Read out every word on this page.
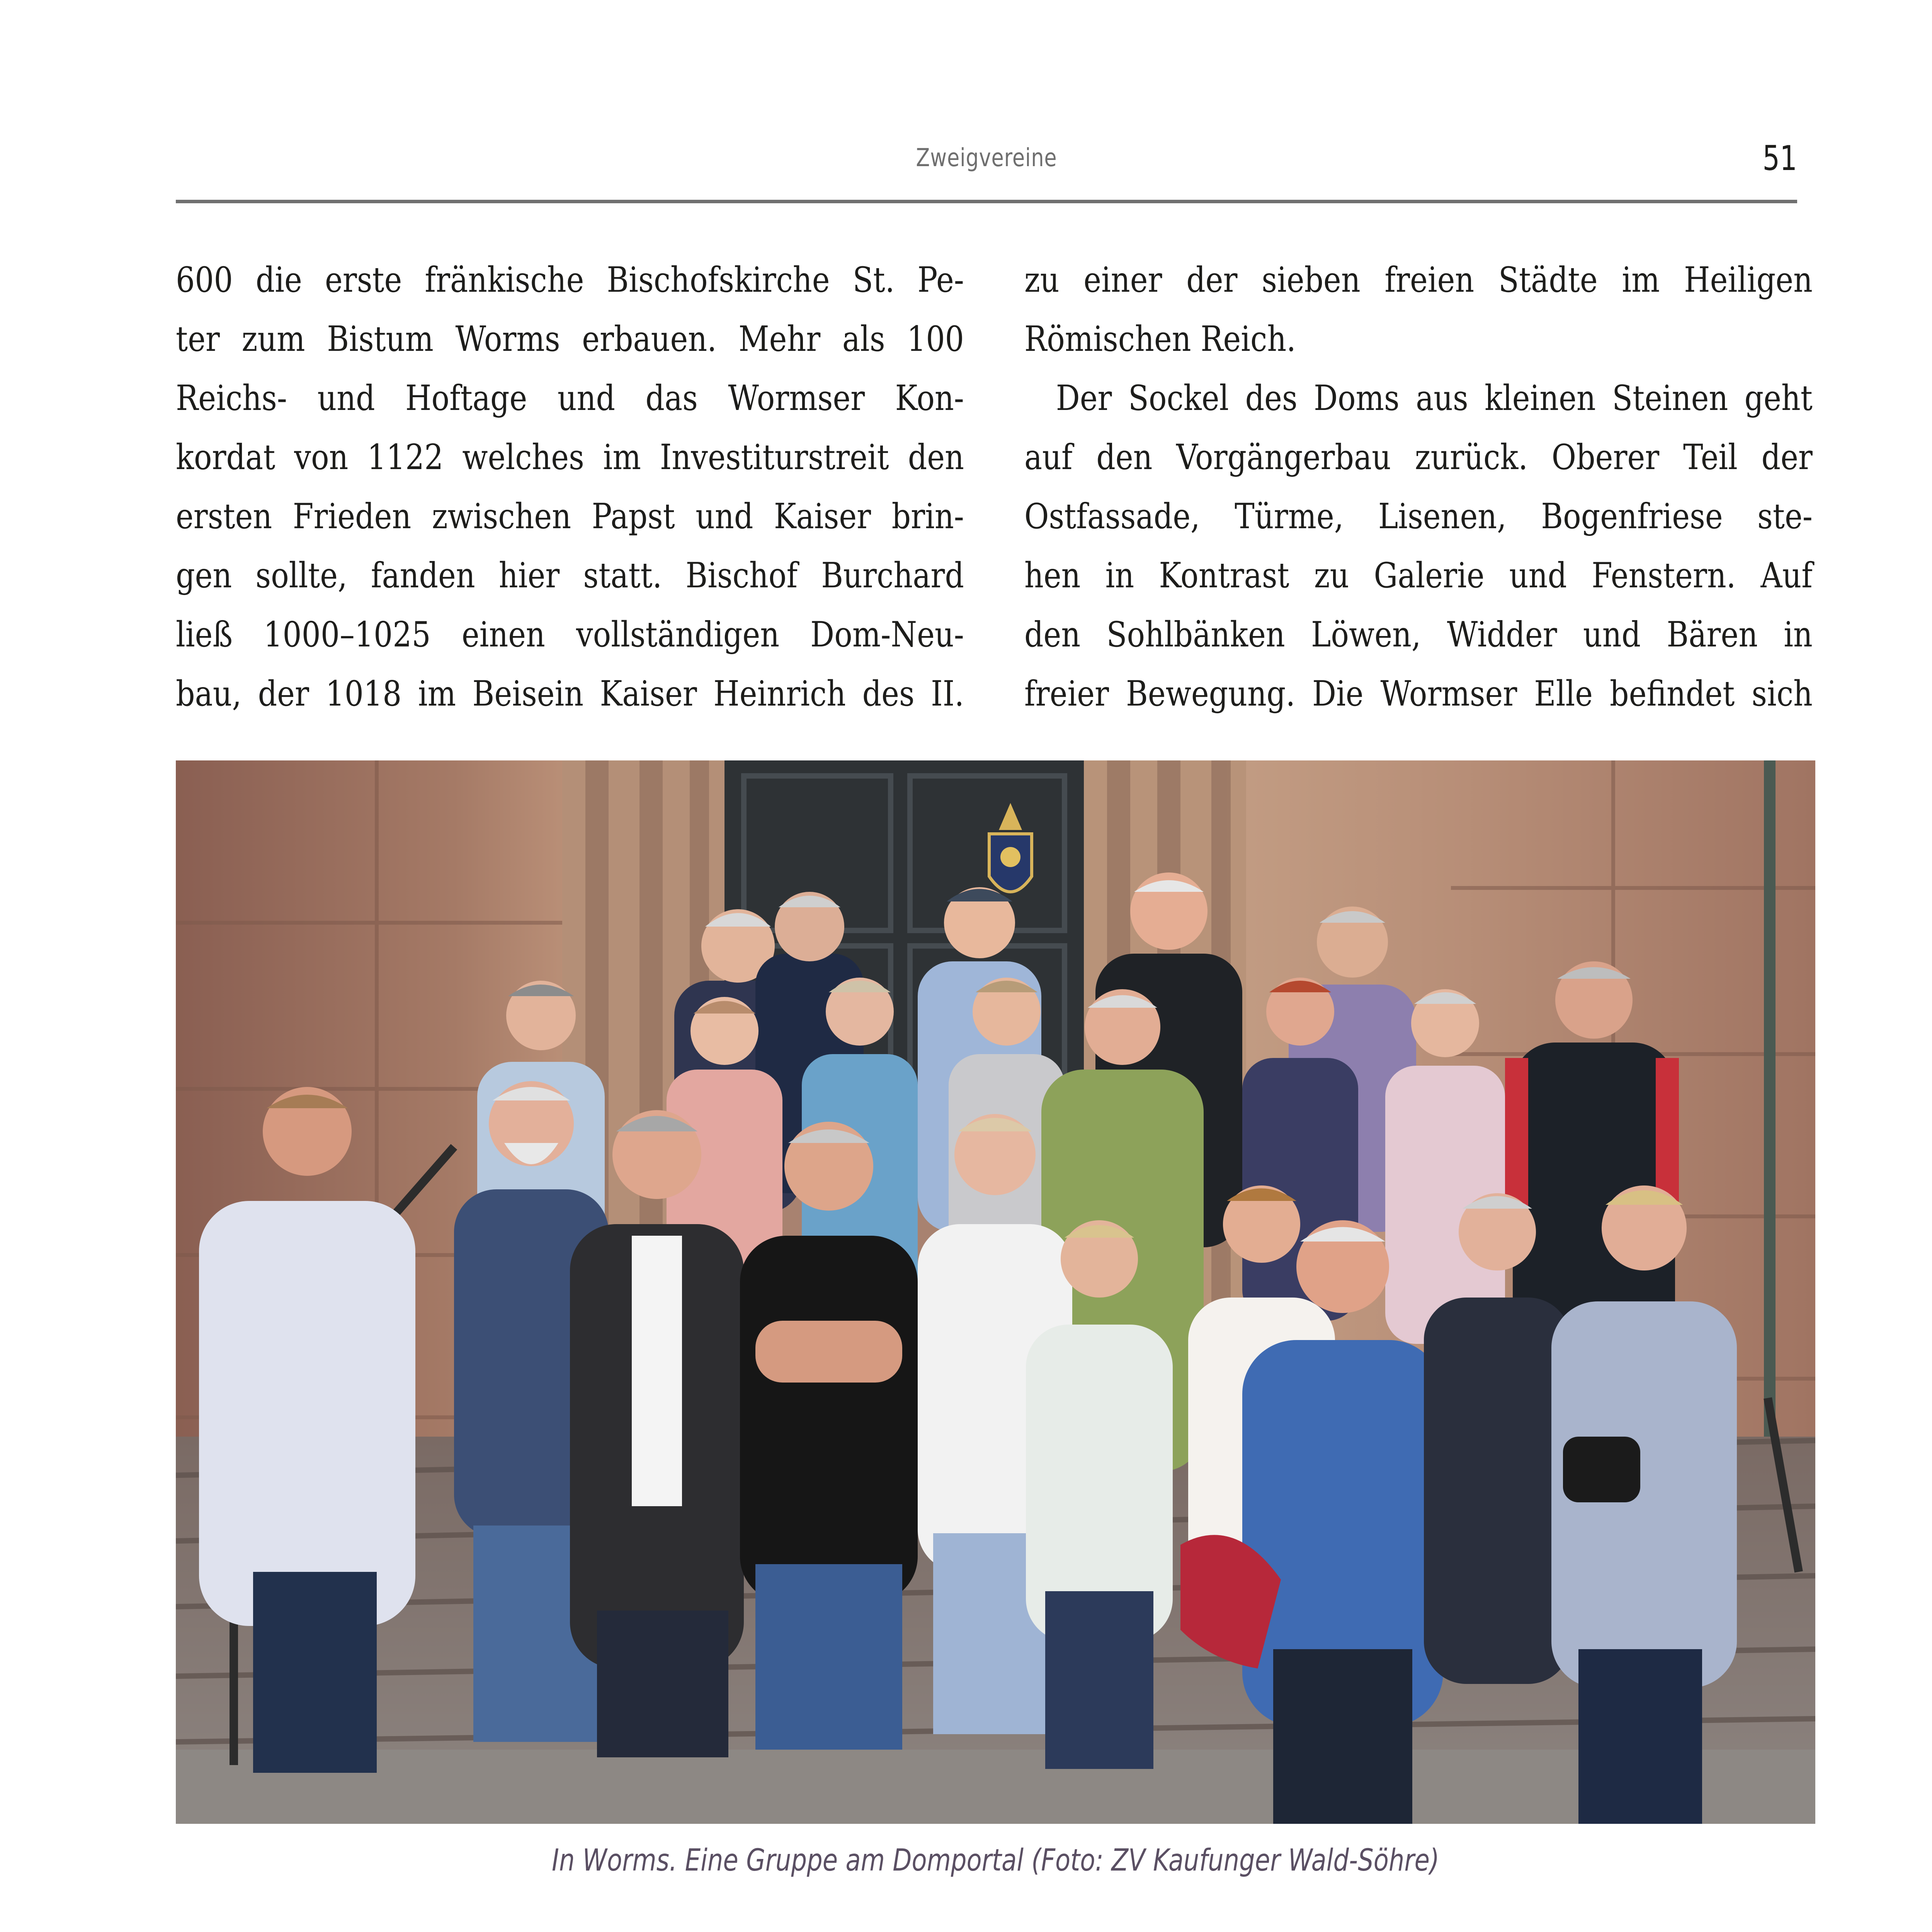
Zweigvereine	51
600 die erste fränkische Bischofskirche St. Pe-
ter zum Bistum Worms erbauen. Mehr als 100
Reichs- und Hoftage und das Wormser Kon-
kordat von 1122 welches im Investiturstreit den
ersten Frieden zwischen Papst und Kaiser brin-
gen sollte, fanden hier statt. Bischof Burchard
ließ 1000–1025 einen vollständigen Dom-Neu-
bau, der 1018 im Beisein Kaiser Heinrich des II.
zu einer der sieben freien Städte im Heiligen
Römischen Reich.
Der Sockel des Doms aus kleinen Steinen geht
auf den Vorgängerbau zurück. Oberer Teil der
Ostfassade, Türme, Lisenen, Bogenfriese ste-
hen in Kontrast zu Galerie und Fenstern. Auf
den Sohlbänken Löwen, Widder und Bären in
freier Bewegung. Die Wormser Elle befindet sich
In Worms. Eine Gruppe am Domportal (Foto: ZV Kaufunger Wald-Söhre)
